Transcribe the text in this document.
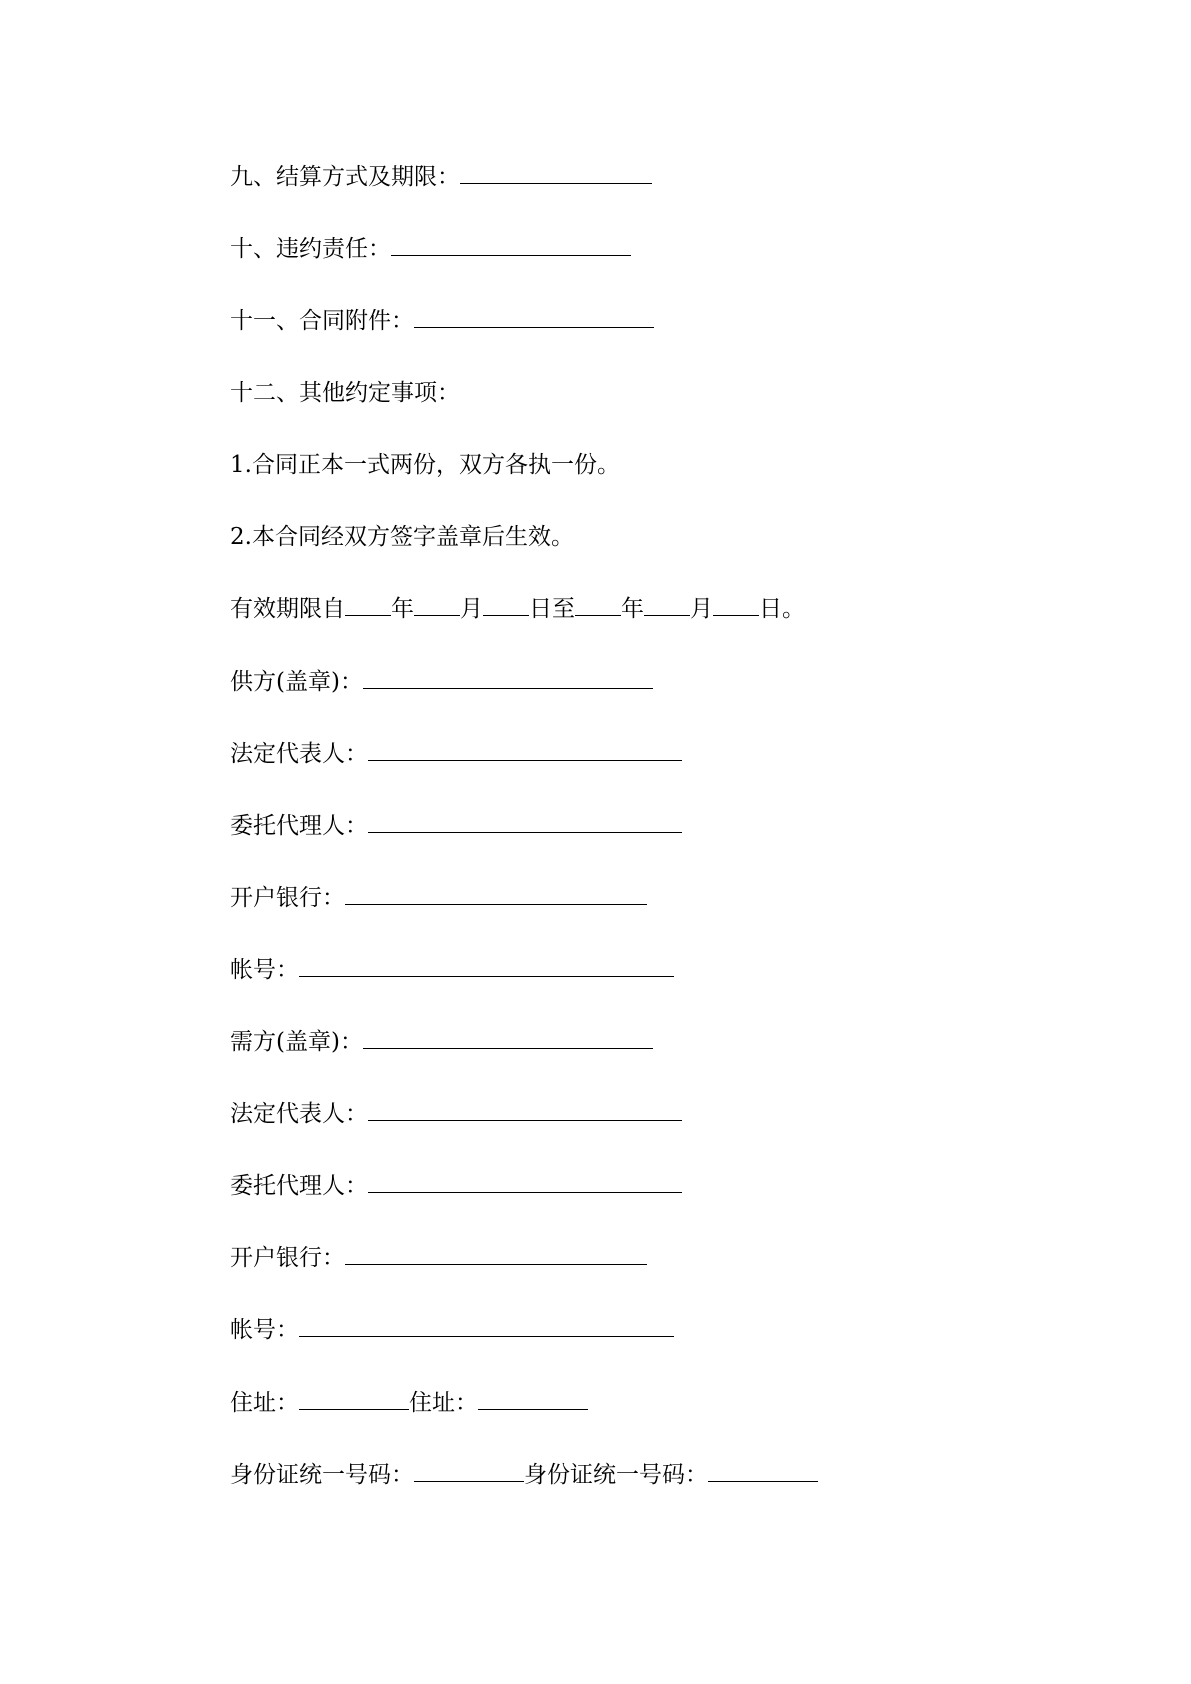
九、结算方式及期限：
十、违约责任：
十一、合同附件：
十二、其他约定事项：
1.合同正本一式两份，双方各执一份。
2.本合同经双方签字盖章后生效。
有效期限自 年 月 日至 年 月 日。
供方(盖章)：
法定代表人：
委托代理人：
开户银行：
帐号：
需方(盖章)：
法定代表人：
委托代理人：
开户银行：
帐号：
住址：	住址：
身份证统一号码：	身份证统一号码：
